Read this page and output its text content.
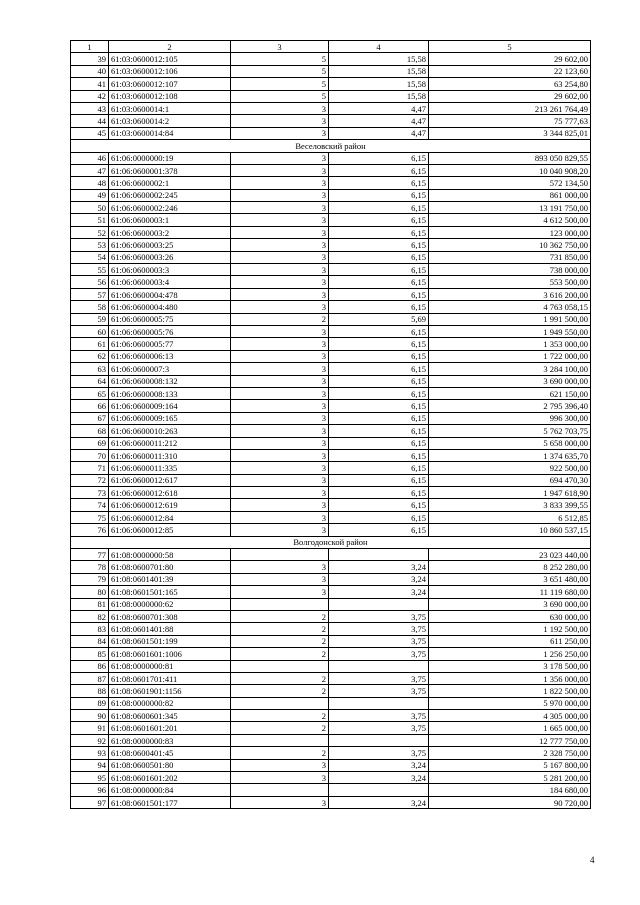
1	2	3	4	5
39	61:03:0600012:105	5	15,58	29 602,00
40	61:03:0600012:106	5	15,58	22 123,60
41	61:03:0600012:107	5	15,58	63 254,80
42	61:03:0600012:108	5	15,58	29 602,00
43	61:03:0600014:1	3	4,47	213 261 764,49
44	61:03:0600014:2	3	4,47	75 777,63
45	61:03:0600014:84	3	4,47	3 344 825,01
Веселовский район				
46	61:06:0000000:19	3	6,15	893 050 829,55
47	61:06:0600001:378	3	6,15	10 040 908,20
48	61:06:0600002:1	3	6,15	572 134,50
49	61:06:0600002:245	3	6,15	861 000,00
50	61:06:0600002:246	3	6,15	13 191 750,00
51	61:06:0600003:1	3	6,15	4 612 500,00
52	61:06:0600003:2	3	6,15	123 000,00
53	61:06:0600003:25	3	6,15	10 362 750,00
54	61:06:0600003:26	3	6,15	731 850,00
55	61:06:0600003:3	3	6,15	738 000,00
56	61:06:0600003:4	3	6,15	553 500,00
57	61:06:0600004:478	3	6,15	3 616 200,00
58	61:06:0600004:480	3	6,15	4 763 058,15
59	61:06:0600005:75	2	5,69	1 991 500,00
60	61:06:0600005:76	3	6,15	1 949 550,00
61	61:06:0600005:77	3	6,15	1 353 000,00
62	61:06:0600006:13	3	6,15	1 722 000,00
63	61:06:0600007:3	3	6,15	3 284 100,00
64	61:06:0600008:132	3	6,15	3 690 000,00
65	61:06:0600008:133	3	6,15	621 150,00
66	61:06:0600009:164	3	6,15	2 795 396,40
67	61:06:0600009:165	3	6,15	996 300,00
68	61:06:0600010:263	3	6,15	5 762 703,75
69	61:06:0600011:212	3	6,15	5 658 000,00
70	61:06:0600011:310	3	6,15	1 374 635,70
71	61:06:0600011:335	3	6,15	922 500,00
72	61:06:0600012:617	3	6,15	694 470,30
73	61:06:0600012:618	3	6,15	1 947 618,90
74	61:06:0600012:619	3	6,15	3 833 399,55
75	61:06:0600012:84	3	6,15	6 512,85
76	61:06:0600012:85	3	6,15	10 860 537,15
Волгодонской район				
77	61:08:0000000:58			23 023 440,00
78	61:08:0600701:80	3	3,24	8 252 280,00
79	61:08:0601401:39	3	3,24	3 651 480,00
80	61:08:0601501:165	3	3,24	11 119 680,00
81	61:08:0000000:62			3 690 000,00
82	61:08:0600701:308	2	3,75	630 000,00
83	61:08:0601401:88	2	3,75	1 192 500,00
84	61:08:0601501:199	2	3,75	611 250,00
85	61:08:0601601:1006	2	3,75	1 256 250,00
86	61:08:0000000:81			3 178 500,00
87	61:08:0601701:411	2	3,75	1 356 000,00
88	61:08:0601901:1156	2	3,75	1 822 500,00
89	61:08:0000000:82			5 970 000,00
90	61:08:0600601:345	2	3,75	4 305 000,00
91	61:08:0601601:201	2	3,75	1 665 000,00
92	61:08:0000000:83			12 777 750,00
93	61:08:0600401:45	2	3,75	2 328 750,00
94	61:08:0600501:80	3	3,24	5 167 800,00
95	61:08:0601601:202	3	3,24	5 281 200,00
96	61:08:0000000:84			184 680,00
97	61:08:0601501:177	3	3,24	90 720,00
4
